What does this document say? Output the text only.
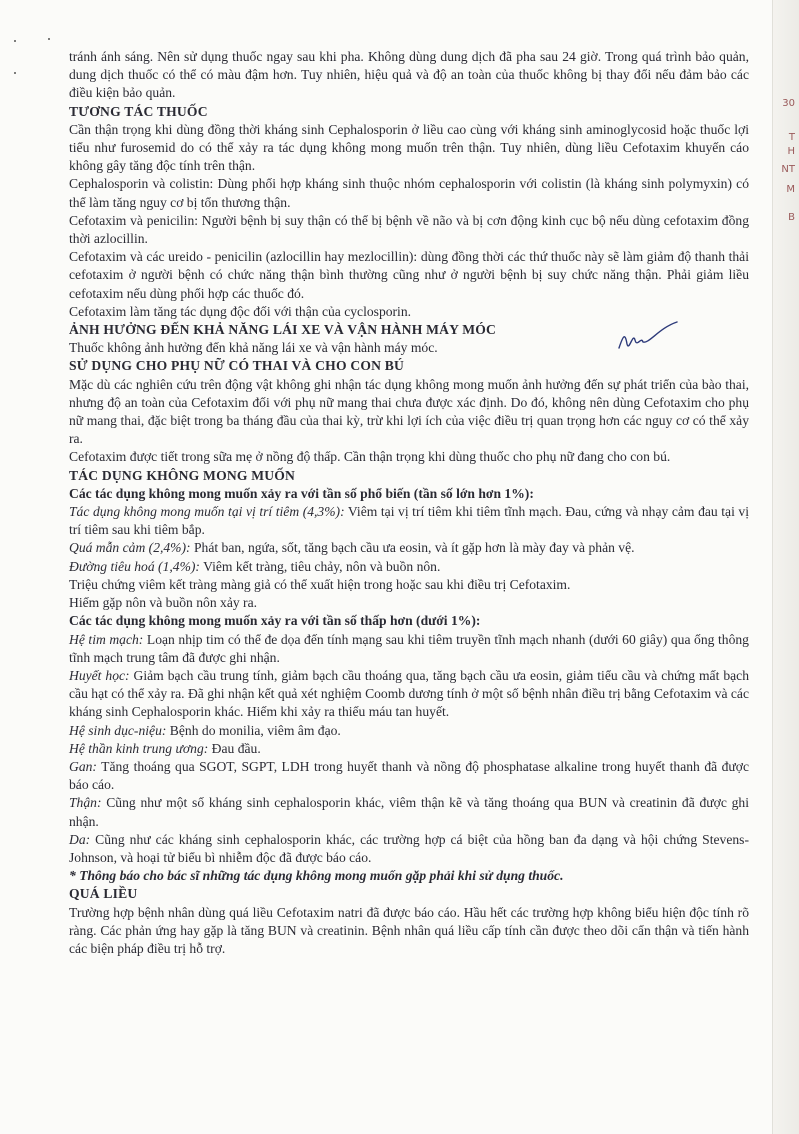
30
T
H
NT
M
B

tránh ánh sáng. Nên sử dụng thuốc ngay sau khi pha. Không dùng dung dịch đã pha sau 24 giờ. Trong quá trình bảo quản, dung dịch thuốc có thể có màu đậm hơn. Tuy nhiên, hiệu quả và độ an toàn của thuốc không bị thay đổi nếu đảm bảo các điều kiện bảo quản.

TƯƠNG TÁC THUỐC

Cần thận trọng khi dùng đồng thời kháng sinh Cephalosporin ở liều cao cùng với kháng sinh aminoglycosid hoặc thuốc lợi tiểu như furosemid do có thể xảy ra tác dụng không mong muốn trên thận. Tuy nhiên, dùng liều Cefotaxim khuyến cáo không gây tăng độc tính trên thận.

Cephalosporin và colistin: Dùng phối hợp kháng sinh thuộc nhóm cephalosporin với colistin (là kháng sinh polymyxin) có thể làm tăng nguy cơ bị tổn thương thận.

Cefotaxim và penicilin: Người bệnh bị suy thận có thể bị bệnh về não và bị cơn động kinh cục bộ nếu dùng cefotaxim đồng thời azlocillin.

Cefotaxim và các ureido - penicilin (azlocillin hay mezlocillin): dùng đồng thời các thứ thuốc này sẽ làm giảm độ thanh thải cefotaxim ở người bệnh có chức năng thận bình thường cũng như ở người bệnh bị suy chức năng thận. Phải giảm liều cefotaxim nếu dùng phối hợp các thuốc đó.

Cefotaxim làm tăng tác dụng độc đối với thận của cyclosporin.

ẢNH HƯỞNG ĐẾN KHẢ NĂNG LÁI XE VÀ VẬN HÀNH MÁY MÓC

Thuốc không ảnh hưởng đến khả năng lái xe và vận hành máy móc.

SỬ DỤNG CHO PHỤ NỮ CÓ THAI VÀ CHO CON BÚ

Mặc dù các nghiên cứu trên động vật không ghi nhận tác dụng không mong muốn ảnh hưởng đến sự phát triển của bào thai, nhưng độ an toàn của Cefotaxim đối với phụ nữ mang thai chưa được xác định. Do đó, không nên dùng Cefotaxim cho phụ nữ mang thai, đặc biệt trong ba tháng đầu của thai kỳ, trừ khi lợi ích của việc điều trị quan trọng hơn các nguy cơ có thể xảy ra.

Cefotaxim được tiết trong sữa mẹ ở nồng độ thấp. Cần thận trọng khi dùng thuốc cho phụ nữ đang cho con bú.

TÁC DỤNG KHÔNG MONG MUỐN

Các tác dụng không mong muốn xảy ra với tần số phổ biến (tần số lớn hơn 1%):

Tác dụng không mong muốn tại vị trí tiêm (4,3%): Viêm tại vị trí tiêm khi tiêm tĩnh mạch. Đau, cứng và nhạy cảm đau tại vị trí tiêm sau khi tiêm bắp.

Quá mẫn cảm (2,4%): Phát ban, ngứa, sốt, tăng bạch cầu ưa eosin, và ít gặp hơn là mày đay và phản vệ.

Đường tiêu hoá (1,4%): Viêm kết tràng, tiêu chảy, nôn và buồn nôn.

Triệu chứng viêm kết tràng màng giả có thể xuất hiện trong hoặc sau khi điều trị Cefotaxim.

Hiếm gặp nôn và buồn nôn xảy ra.

Các tác dụng không mong muốn xảy ra với tần số thấp hơn (dưới 1%):

Hệ tim mạch: Loạn nhịp tim có thể đe dọa đến tính mạng sau khi tiêm truyền tĩnh mạch nhanh (dưới 60 giây) qua ống thông tĩnh mạch trung tâm đã được ghi nhận.

Huyết học: Giảm bạch cầu trung tính, giảm bạch cầu thoáng qua, tăng bạch cầu ưa eosin, giảm tiểu cầu và chứng mất bạch cầu hạt có thể xảy ra. Đã ghi nhận kết quả xét nghiệm Coomb dương tính ở một số bệnh nhân điều trị bằng Cefotaxim và các kháng sinh Cephalosporin khác. Hiếm khi xảy ra thiếu máu tan huyết.

Hệ sinh dục-niệu: Bệnh do monilia, viêm âm đạo.

Hệ thần kinh trung ương: Đau đầu.

Gan: Tăng thoáng qua SGOT, SGPT, LDH trong huyết thanh và nồng độ phosphatase alkaline trong huyết thanh đã được báo cáo.

Thận: Cũng như một số kháng sinh cephalosporin khác, viêm thận kẽ và tăng thoáng qua BUN và creatinin đã được ghi nhận.

Da: Cũng như các kháng sinh cephalosporin khác, các trường hợp cá biệt của hồng ban đa dạng và hội chứng Stevens-Johnson, và hoại tử biểu bì nhiễm độc đã được báo cáo.

* Thông báo cho bác sĩ những tác dụng không mong muốn gặp phải khi sử dụng thuốc.

QUÁ LIỀU

Trường hợp bệnh nhân dùng quá liều Cefotaxim natri đã được báo cáo. Hầu hết các trường hợp không biểu hiện độc tính rõ ràng. Các phản ứng hay gặp là tăng BUN và creatinin. Bệnh nhân quá liều cấp tính cần được theo dõi cẩn thận và tiến hành các biện pháp điều trị hỗ trợ.
